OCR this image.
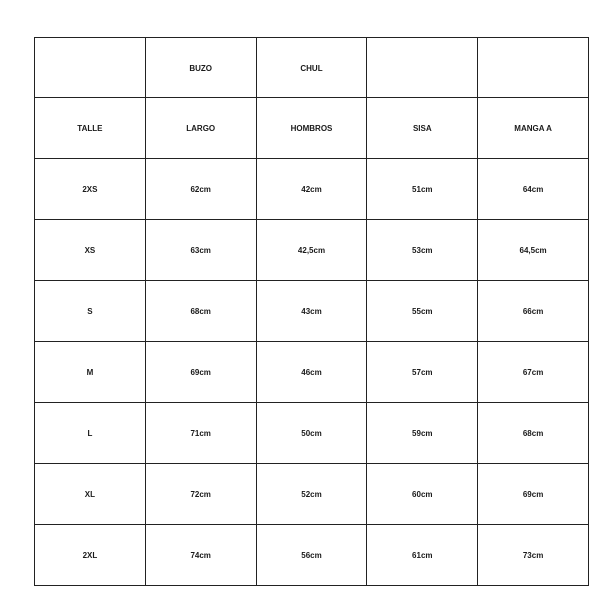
	BUZO	CHUL		
TALLE	LARGO	HOMBROS	SISA	MANGA A
2XS	62cm	42cm	51cm	64cm
XS	63cm	42,5cm	53cm	64,5cm
S	68cm	43cm	55cm	66cm
M	69cm	46cm	57cm	67cm
L	71cm	50cm	59cm	68cm
XL	72cm	52cm	60cm	69cm
2XL	74cm	56cm	61cm	73cm
